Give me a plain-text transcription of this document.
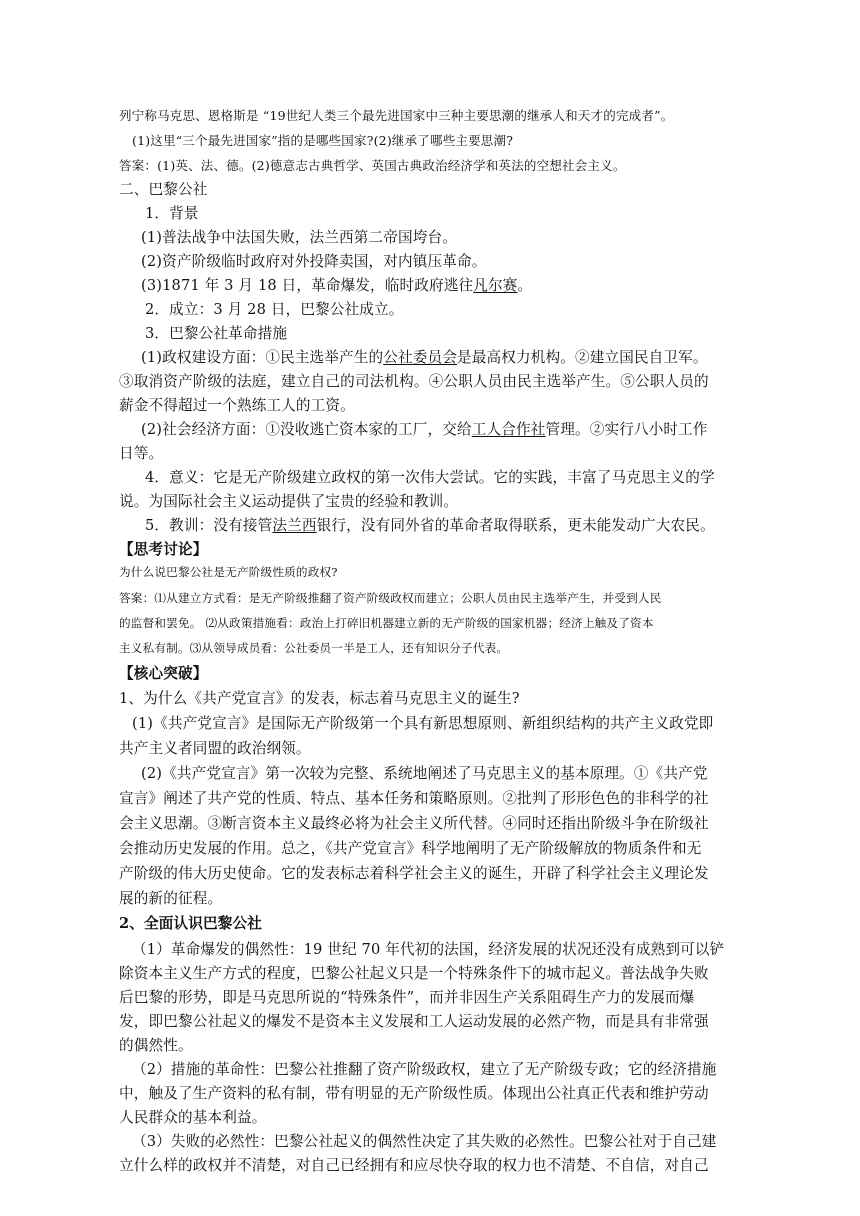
列宁称马克思、恩格斯是 “19世纪人类三个最先进国家中三种主要思潮的继承人和天才的完成者”。
(1)这里“三个最先进国家”指的是哪些国家?(2)继承了哪些主要思潮?
答案：(1)英、法、德。(2)德意志古典哲学、英国古典政治经济学和英法的空想社会主义。
二、巴黎公社
1．背景
(1)普法战争中法国失败，法兰西第二帝国垮台。
(2)资产阶级临时政府对外投降卖国，对内镇压革命。
(3)1871 年 3 月 18 日，革命爆发，临时政府逃往凡尔赛。
2．成立：3 月 28 日，巴黎公社成立。
3．巴黎公社革命措施
(1)政权建设方面：①民主选举产生的公社委员会是最高权力机构。②建立国民自卫军。
③取消资产阶级的法庭，建立自己的司法机构。④公职人员由民主选举产生。⑤公职人员的
薪金不得超过一个熟练工人的工资。
(2)社会经济方面：①没收逃亡资本家的工厂，交给工人合作社管理。②实行八小时工作
日等。
4．意义：它是无产阶级建立政权的第一次伟大尝试。它的实践，丰富了马克思主义的学
说。为国际社会主义运动提供了宝贵的经验和教训。
5．教训：没有接管法兰西银行，没有同外省的革命者取得联系，更未能发动广大农民。
【思考讨论】
为什么说巴黎公社是无产阶级性质的政权?
答案：⑴从建立方式看：是无产阶级推翻了资产阶级政权而建立；公职人员由民主选举产生，并受到人民
的监督和罢免。 ⑵从政策措施看：政治上打碎旧机器建立新的无产阶级的国家机器；经济上触及了资本
主义私有制。⑶从领导成员看：公社委员一半是工人，还有知识分子代表。
【核心突破】
1、为什么《共产党宣言》的发表，标志着马克思主义的诞生?
(1)《共产党宣言》是国际无产阶级第一个具有新思想原则、新组织结构的共产主义政党即
共产主义者同盟的政治纲领。
(2)《共产党宣言》第一次较为完整、系统地阐述了马克思主义的基本原理。①《共产党
宣言》阐述了共产党的性质、特点、基本任务和策略原则。②批判了形形色色的非科学的社
会主义思潮。③断言资本主义最终必将为社会主义所代替。④同时还指出阶级斗争在阶级社
会推动历史发展的作用。总之，《共产党宣言》科学地阐明了无产阶级解放的物质条件和无
产阶级的伟大历史使命。它的发表标志着科学社会主义的诞生，开辟了科学社会主义理论发
展的新的征程。
2、全面认识巴黎公社
（1）革命爆发的偶然性：19 世纪 70 年代初的法国，经济发展的状况还没有成熟到可以铲
除资本主义生产方式的程度，巴黎公社起义只是一个特殊条件下的城市起义。普法战争失败
后巴黎的形势，即是马克思所说的“特殊条件”，而并非因生产关系阻碍生产力的发展而爆
发，即巴黎公社起义的爆发不是资本主义发展和工人运动发展的必然产物，而是具有非常强
的偶然性。
（2）措施的革命性：巴黎公社推翻了资产阶级政权，建立了无产阶级专政；它的经济措施
中，触及了生产资料的私有制，带有明显的无产阶级性质。体现出公社真正代表和维护劳动
人民群众的基本利益。
（3）失败的必然性：巴黎公社起义的偶然性决定了其失败的必然性。巴黎公社对于自己建
立什么样的政权并不清楚，对自己已经拥有和应尽快夺取的权力也不清楚、不自信，对自己
